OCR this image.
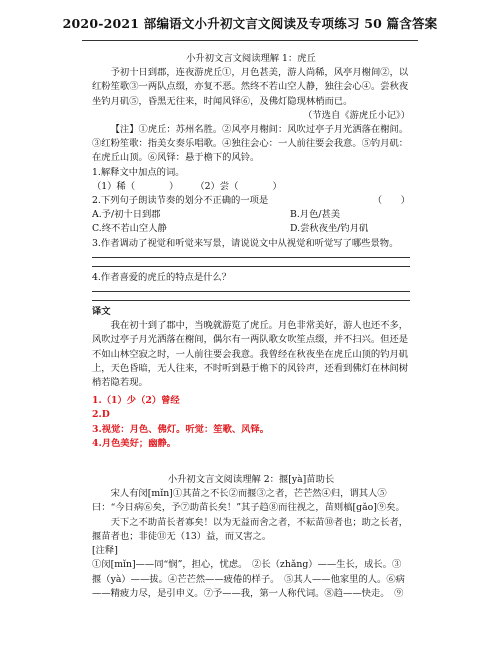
2020-2021 部编语文小升初文言文阅读及专项练习 50 篇含答案

小升初文言文阅读理解 1：虎丘

予初十日到郡，连夜游虎丘①，月色甚美，游人尚稀，风亭月榭间②，以红粉笙歌③一两队点缀，亦复不恶。然终不若山空人静，独往会心④。尝秋夜坐钓月矶⑤，昏黑无往来，时闻风铎⑥，及佛灯隐现林梢而已。

（节选自《游虎丘小记》）

【注】①虎丘：苏州名胜。②风亭月榭间：风吹过亭子月光洒落在榭间。③红粉笙歌：指美女奏乐唱歌。④独往会心：一人前往要会我意。⑤钓月矶：在虎丘山顶。⑥风铎：悬于檐下的风铃。

1.解释文中加点的词。

（1）稀（	） 　　 （2）尝（	）

2.下列句子朗读节奏的划分不正确的一项是	（　　）

A.予/初十日到郡	B.月色/甚美

C.终不若山空人静	D.尝秋夜坐/钓月矶

3.作者调动了视觉和听觉来写景，请说说文中从视觉和听觉写了哪些景物。

4.作者喜爱的虎丘的特点是什么？

译文

我在初十到了郡中，当晚就游览了虎丘。月色非常美好，游人也还不多，风吹过亭子月光洒落在榭间，偶尔有一两队歌女吹笙点缀，并不扫兴。但还是不如山林空寂之时，一人前往要会我意。我曾经在秋夜坐在虎丘山顶的钓月矶上，天色昏暗，无人往来，不时听到悬于檐下的风铃声，还看到佛灯在林间树梢若隐若现。

1.（1）少（2）曾经

2.D

3.视觉：月色、佛灯。听觉：笙歌、风铎。

4.月色美好；幽静。

小升初文言文阅读理解 2：揠[yà]苗助长

宋人有闵[mǐn]①其苗之不长②而揠③之者，芒芒然④归，谓其人⑤曰：“今日病⑥矣，予⑦助苗长矣！”其子趋⑧而往视之，苗则槁[gǎo]⑨矣。

天下之不助苗长者寡矣！以为无益而舍之者，不耘苗⑩者也；助之长者，揠苗者也；非徒⑪无（13）益，而又害之。

[注释]

①闵[mǐn]——同“悯”，担心，忧虑。　②长（zhǎng）——生长，成长。③揠（yà）——拔。④芒芒然——疲倦的样子。　⑤其人——他家里的人。⑥病——精疲力尽，是引申义。⑦予——我，第一人称代词。⑧趋——快走。　⑨
